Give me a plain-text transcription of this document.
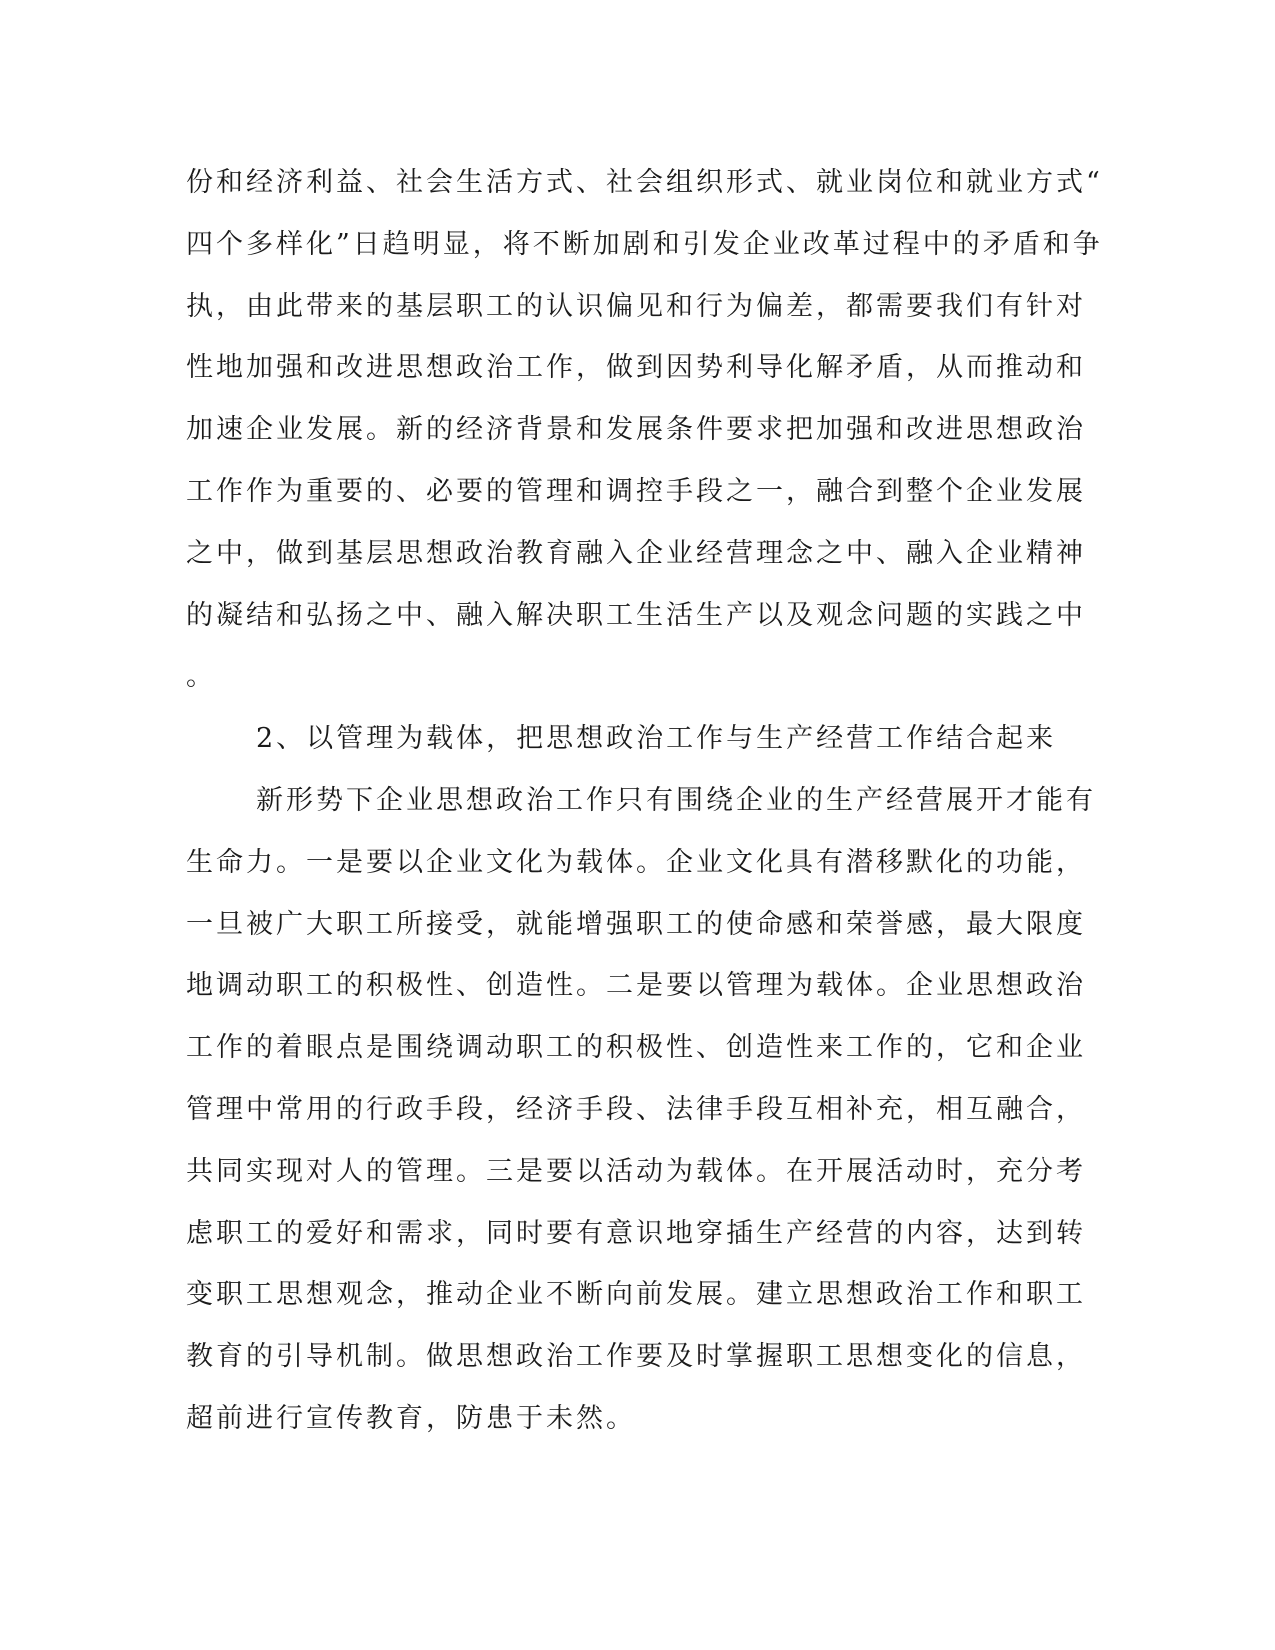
份和经济利益、社会生活方式、社会组织形式、就业岗位和就业方式“
四个多样化”日趋明显，将不断加剧和引发企业改革过程中的矛盾和争
执，由此带来的基层职工的认识偏见和行为偏差，都需要我们有针对
性地加强和改进思想政治工作，做到因势利导化解矛盾，从而推动和
加速企业发展。新的经济背景和发展条件要求把加强和改进思想政治
工作作为重要的、必要的管理和调控手段之一，融合到整个企业发展
之中，做到基层思想政治教育融入企业经营理念之中、融入企业精神
的凝结和弘扬之中、融入解决职工生活生产以及观念问题的实践之中
。
2、以管理为载体，把思想政治工作与生产经营工作结合起来
新形势下企业思想政治工作只有围绕企业的生产经营展开才能有
生命力。一是要以企业文化为载体。企业文化具有潜移默化的功能，
一旦被广大职工所接受，就能增强职工的使命感和荣誉感，最大限度
地调动职工的积极性、创造性。二是要以管理为载体。企业思想政治
工作的着眼点是围绕调动职工的积极性、创造性来工作的，它和企业
管理中常用的行政手段，经济手段、法律手段互相补充，相互融合，
共同实现对人的管理。三是要以活动为载体。在开展活动时，充分考
虑职工的爱好和需求，同时要有意识地穿插生产经营的内容，达到转
变职工思想观念，推动企业不断向前发展。建立思想政治工作和职工
教育的引导机制。做思想政治工作要及时掌握职工思想变化的信息，
超前进行宣传教育，防患于未然。
